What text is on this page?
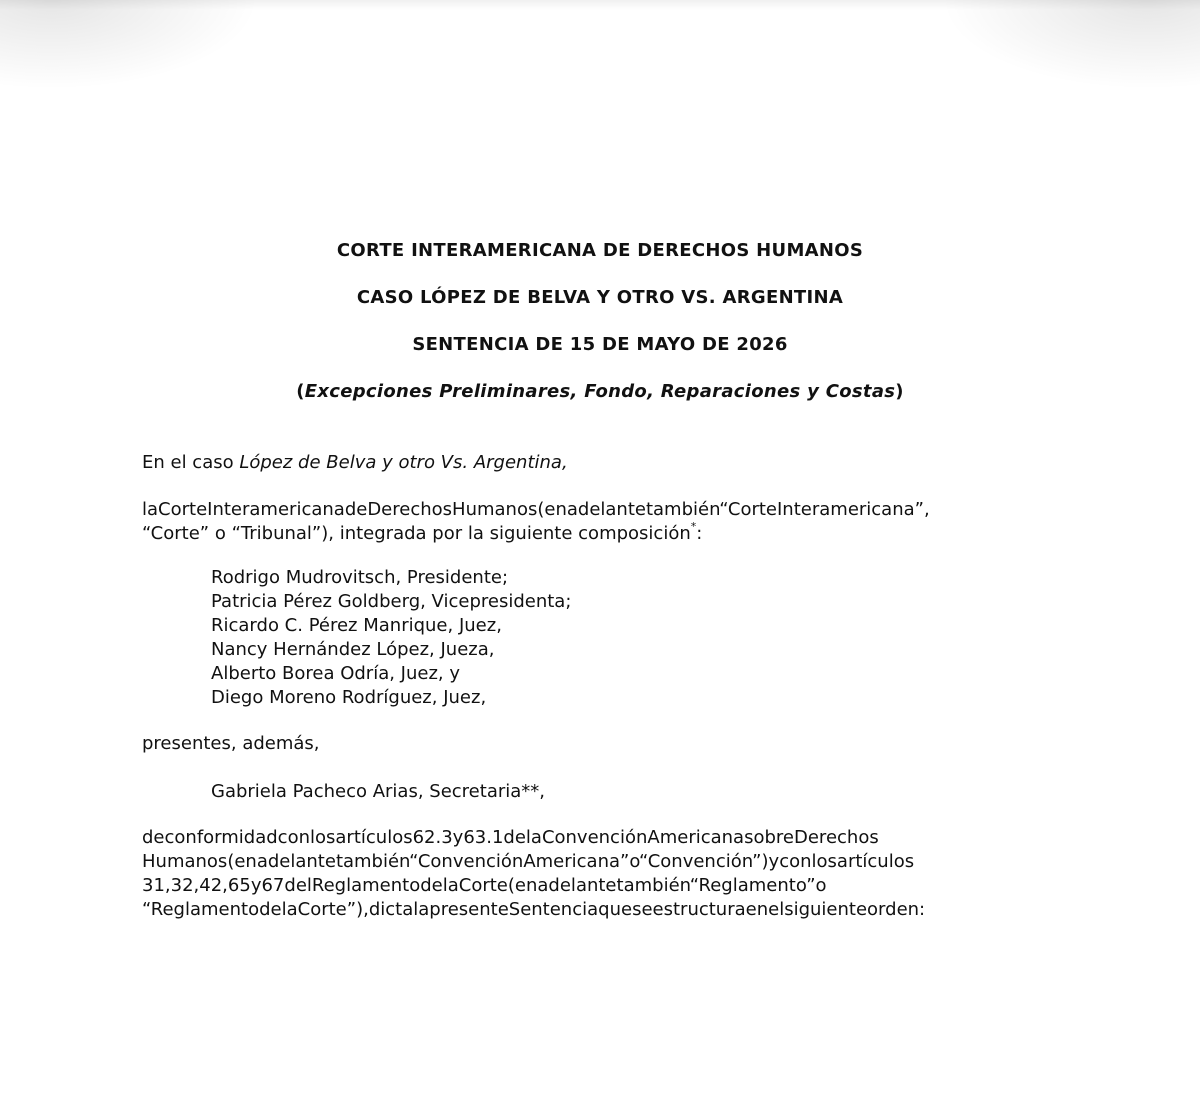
CORTE INTERAMERICANA DE DERECHOS HUMANOS
CASO LÓPEZ DE BELVA Y OTRO VS. ARGENTINA
SENTENCIA DE 15 DE MAYO DE 2026
(Excepciones Preliminares, Fondo, Reparaciones y Costas)
En el caso López de Belva y otro Vs. Argentina,
laCorteInteramericanadeDerechosHumanos(enadelantetambién“CorteInteramericana”,
“Corte” o “Tribunal”), integrada por la siguiente composición*:
Rodrigo Mudrovitsch, Presidente;
Patricia Pérez Goldberg, Vicepresidenta;
Ricardo C. Pérez Manrique, Juez,
Nancy Hernández López, Jueza,
Alberto Borea Odría, Juez, y
Diego Moreno Rodríguez, Juez,
presentes, además,
Gabriela Pacheco Arias, Secretaria**,
deconformidadconlosartículos62.3y63.1delaConvenciónAmericanasobreDerechos
Humanos(enadelantetambién“ConvenciónAmericana”o“Convención”)yconlosartículos
31,32,42,65y67delReglamentodelaCorte(enadelantetambién“Reglamento”o
“ReglamentodelaCorte”),dictalapresenteSentenciaqueseestructuraenelsiguienteorden:
